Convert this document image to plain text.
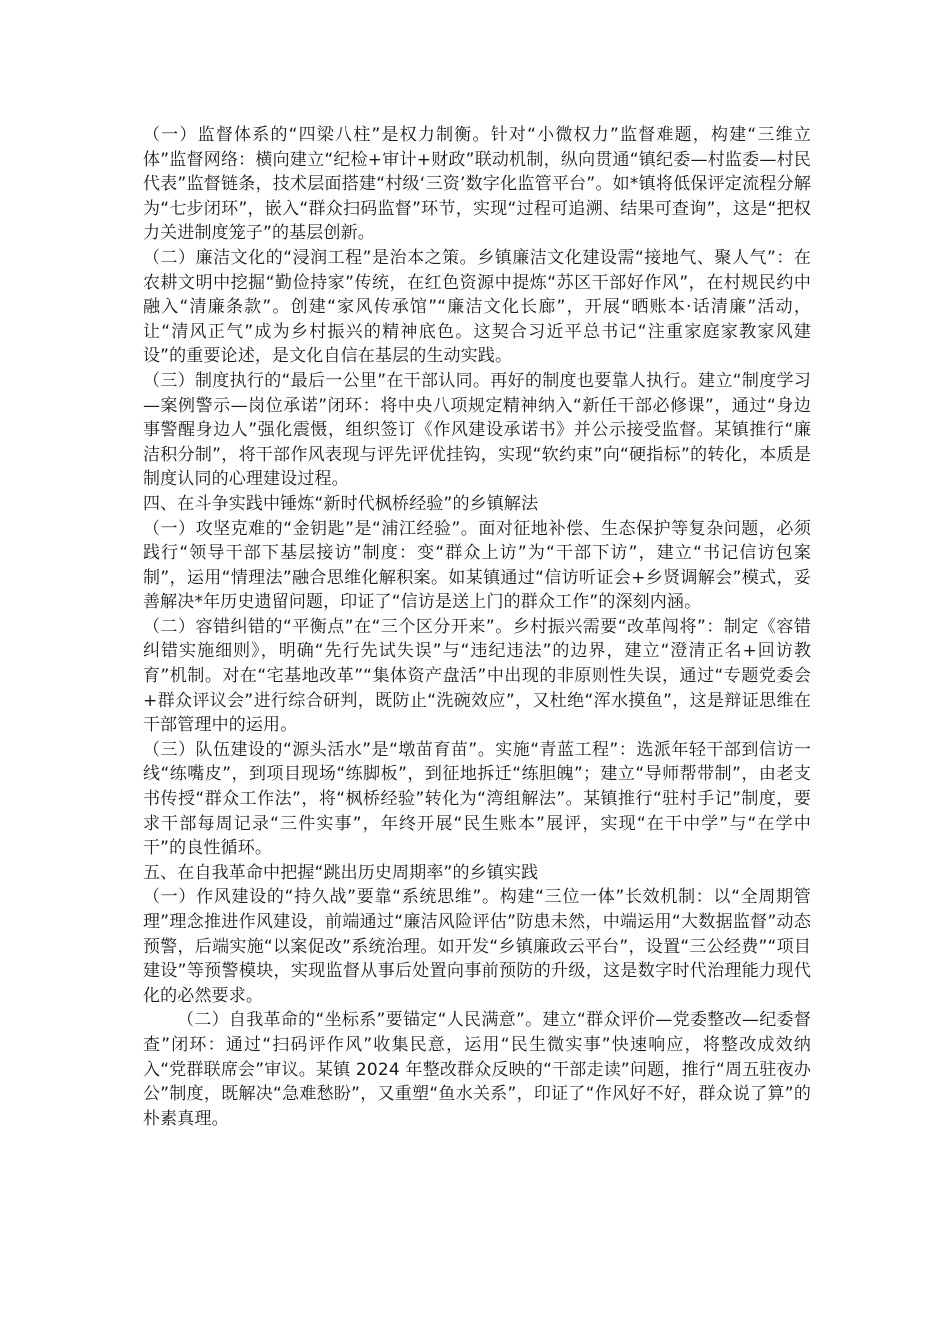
（一）监督体系的“四梁八柱”是权力制衡。针对“小微权力”监督难题，构建“三维立体”监督网络：横向建立“纪检+审计+财政”联动机制，纵向贯通“镇纪委—村监委—村民代表”监督链条，技术层面搭建“村级‘三资’数字化监管平台”。如*镇将低保评定流程分解为“七步闭环”，嵌入“群众扫码监督”环节，实现“过程可追溯、结果可查询”，这是“把权力关进制度笼子”的基层创新。

（二）廉洁文化的“浸润工程”是治本之策。乡镇廉洁文化建设需“接地气、聚人气”：在农耕文明中挖掘“勤俭持家”传统，在红色资源中提炼“苏区干部好作风”，在村规民约中融入“清廉条款”。创建“家风传承馆”“廉洁文化长廊”，开展“晒账本·话清廉”活动，让“清风正气”成为乡村振兴的精神底色。这契合习近平总书记“注重家庭家教家风建设”的重要论述，是文化自信在基层的生动实践。

（三）制度执行的“最后一公里”在干部认同。再好的制度也要靠人执行。建立“制度学习—案例警示—岗位承诺”闭环：将中央八项规定精神纳入“新任干部必修课”，通过“身边事警醒身边人”强化震慑，组织签订《作风建设承诺书》并公示接受监督。某镇推行“廉洁积分制”，将干部作风表现与评先评优挂钩，实现“软约束”向“硬指标”的转化，本质是制度认同的心理建设过程。

四、在斗争实践中锤炼“新时代枫桥经验”的乡镇解法

（一）攻坚克难的“金钥匙”是“浦江经验”。面对征地补偿、生态保护等复杂问题，必须践行“领导干部下基层接访”制度：变“群众上访”为“干部下访”，建立“书记信访包案制”，运用“情理法”融合思维化解积案。如某镇通过“信访听证会+乡贤调解会”模式，妥善解决*年历史遗留问题，印证了“信访是送上门的群众工作”的深刻内涵。

（二）容错纠错的“平衡点”在“三个区分开来”。乡村振兴需要“改革闯将”：制定《容错纠错实施细则》，明确“先行先试失误”与“违纪违法”的边界，建立“澄清正名+回访教育”机制。对在“宅基地改革”“集体资产盘活”中出现的非原则性失误，通过“专题党委会+群众评议会”进行综合研判，既防止“洗碗效应”，又杜绝“浑水摸鱼”，这是辩证思维在干部管理中的运用。

（三）队伍建设的“源头活水”是“墩苗育苗”。实施“青蓝工程”：选派年轻干部到信访一线“练嘴皮”，到项目现场“练脚板”，到征地拆迁“练胆魄”；建立“导师帮带制”，由老支书传授“群众工作法”，将“枫桥经验”转化为“湾组解法”。某镇推行“驻村手记”制度，要求干部每周记录“三件实事”，年终开展“民生账本”展评，实现“在干中学”与“在学中干”的良性循环。

五、在自我革命中把握“跳出历史周期率”的乡镇实践

（一）作风建设的“持久战”要靠“系统思维”。构建“三位一体”长效机制：以“全周期管理”理念推进作风建设，前端通过“廉洁风险评估”防患未然，中端运用“大数据监督”动态预警，后端实施“以案促改”系统治理。如开发“乡镇廉政云平台”，设置“三公经费”“项目建设”等预警模块，实现监督从事后处置向事前预防的升级，这是数字时代治理能力现代化的必然要求。

（二）自我革命的“坐标系”要锚定“人民满意”。建立“群众评价—党委整改—纪委督查”闭环：通过“扫码评作风”收集民意，运用“民生微实事”快速响应，将整改成效纳入“党群联席会”审议。某镇 2024 年整改群众反映的“干部走读”问题，推行“周五驻夜办公”制度，既解决“急难愁盼”，又重塑“鱼水关系”，印证了“作风好不好，群众说了算”的朴素真理。
